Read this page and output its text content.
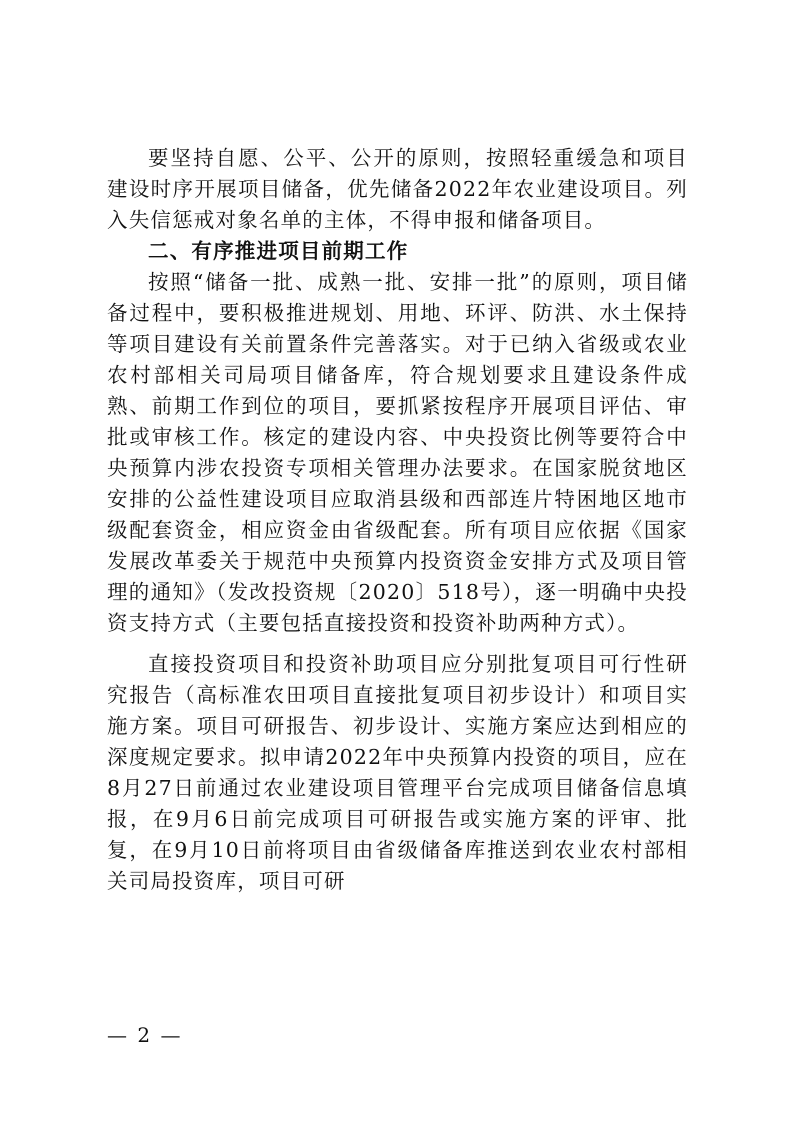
要坚持自愿、公平、公开的原则，按照轻重缓急和项目建设时序开展项目储备，优先储备2022年农业建设项目。列入失信惩戒对象名单的主体，不得申报和储备项目。

二、有序推进项目前期工作

按照“储备一批、成熟一批、安排一批”的原则，项目储备过程中，要积极推进规划、用地、环评、防洪、水土保持等项目建设有关前置条件完善落实。对于已纳入省级或农业农村部相关司局项目储备库，符合规划要求且建设条件成熟、前期工作到位的项目，要抓紧按程序开展项目评估、审批或审核工作。核定的建设内容、中央投资比例等要符合中央预算内涉农投资专项相关管理办法要求。在国家脱贫地区安排的公益性建设项目应取消县级和西部连片特困地区地市级配套资金，相应资金由省级配套。所有项目应依据《国家发展改革委关于规范中央预算内投资资金安排方式及项目管理的通知》（发改投资规〔2020〕518号），逐一明确中央投资支持方式（主要包括直接投资和投资补助两种方式）。

直接投资项目和投资补助项目应分别批复项目可行性研究报告（高标准农田项目直接批复项目初步设计）和项目实施方案。项目可研报告、初步设计、实施方案应达到相应的深度规定要求。拟申请2022年中央预算内投资的项目，应在8月27日前通过农业建设项目管理平台完成项目储备信息填报，在9月6日前完成项目可研报告或实施方案的评审、批复，在9月10日前将项目由省级储备库推送到农业农村部相关司局投资库，项目可研

— 2 —
